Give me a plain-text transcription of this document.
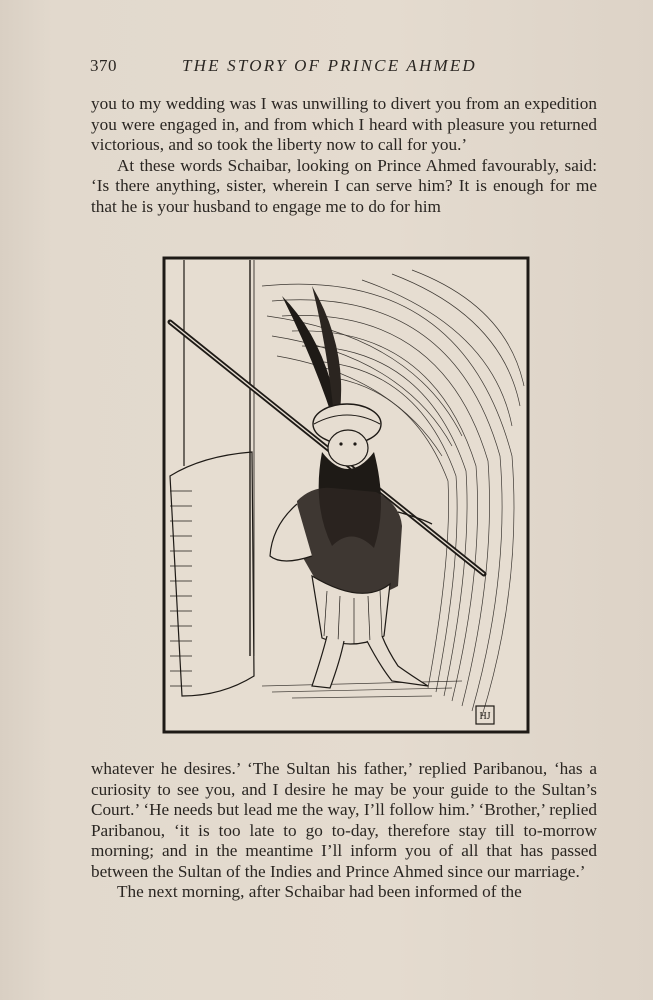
370	THE STORY OF PRINCE AHMED

you to my wedding was I was unwilling to divert you from an expedition you were engaged in, and from which I heard with pleasure you returned victorious, and so took the liberty now to call for you.’

At these words Schaibar, looking on Prince Ahmed favourably, said: ‘Is there anything, sister, wherein I can serve him? It is enough for me that he is your husband to engage me to do for him

HJ

whatever he desires.’ ‘The Sultan his father,’ replied Paribanou, ‘has a curiosity to see you, and I desire he may be your guide to the Sultan’s Court.’ ‘He needs but lead me the way, I’ll follow him.’ ‘Brother,’ replied Paribanou, ‘it is too late to go to-day, therefore stay till to-morrow morning; and in the meantime I’ll inform you of all that has passed between the Sultan of the Indies and Prince Ahmed since our marriage.’

The next morning, after Schaibar had been informed of the
